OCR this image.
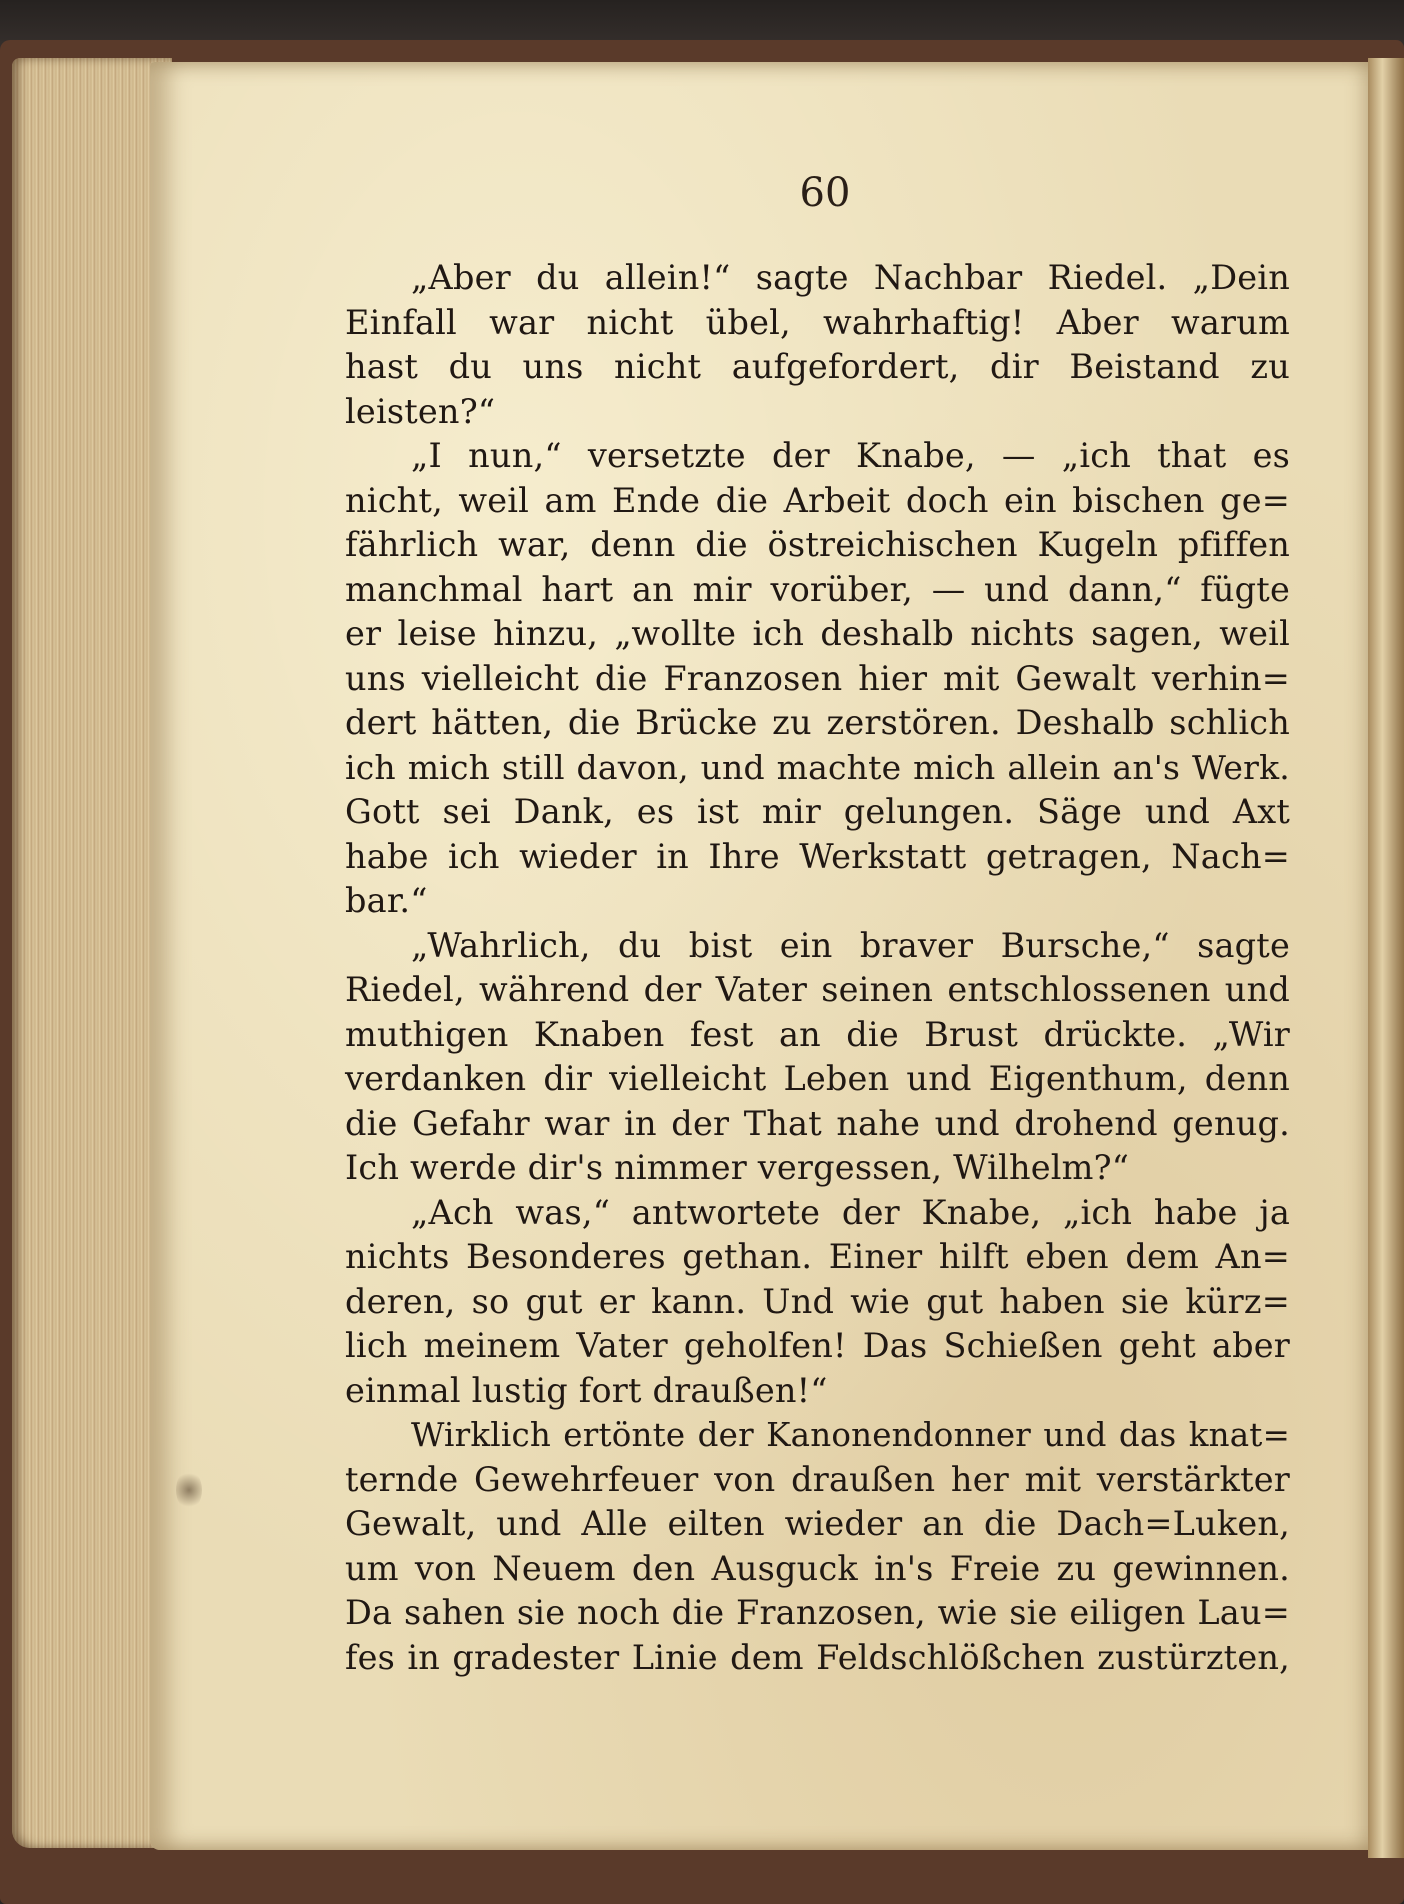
60
„Aber du allein!“ sagte Nachbar Riedel. „Dein
Einfall war nicht übel, wahrhaftig! Aber warum
hast du uns nicht aufgefordert, dir Beistand zu
leisten?“
„I nun,“ versetzte der Knabe, — „ich that es
nicht, weil am Ende die Arbeit doch ein bischen ge=
fährlich war, denn die östreichischen Kugeln pfiffen
manchmal hart an mir vorüber, — und dann,“ fügte
er leise hinzu, „wollte ich deshalb nichts sagen, weil
uns vielleicht die Franzosen hier mit Gewalt verhin=
dert hätten, die Brücke zu zerstören. Deshalb schlich
ich mich still davon, und machte mich allein an's Werk.
Gott sei Dank, es ist mir gelungen. Säge und Axt
habe ich wieder in Ihre Werkstatt getragen, Nach=
bar.“
„Wahrlich, du bist ein braver Bursche,“ sagte
Riedel, während der Vater seinen entschlossenen und
muthigen Knaben fest an die Brust drückte. „Wir
verdanken dir vielleicht Leben und Eigenthum, denn
die Gefahr war in der That nahe und drohend genug.
Ich werde dir's nimmer vergessen, Wilhelm?“
„Ach was,“ antwortete der Knabe, „ich habe ja
nichts Besonderes gethan. Einer hilft eben dem An=
deren, so gut er kann. Und wie gut haben sie kürz=
lich meinem Vater geholfen! Das Schießen geht aber
einmal lustig fort draußen!“
Wirklich ertönte der Kanonendonner und das knat=
ternde Gewehrfeuer von draußen her mit verstärkter
Gewalt, und Alle eilten wieder an die Dach=Luken,
um von Neuem den Ausguck in's Freie zu gewinnen.
Da sahen sie noch die Franzosen, wie sie eiligen Lau=
fes in gradester Linie dem Feldschlößchen zustürzten,
